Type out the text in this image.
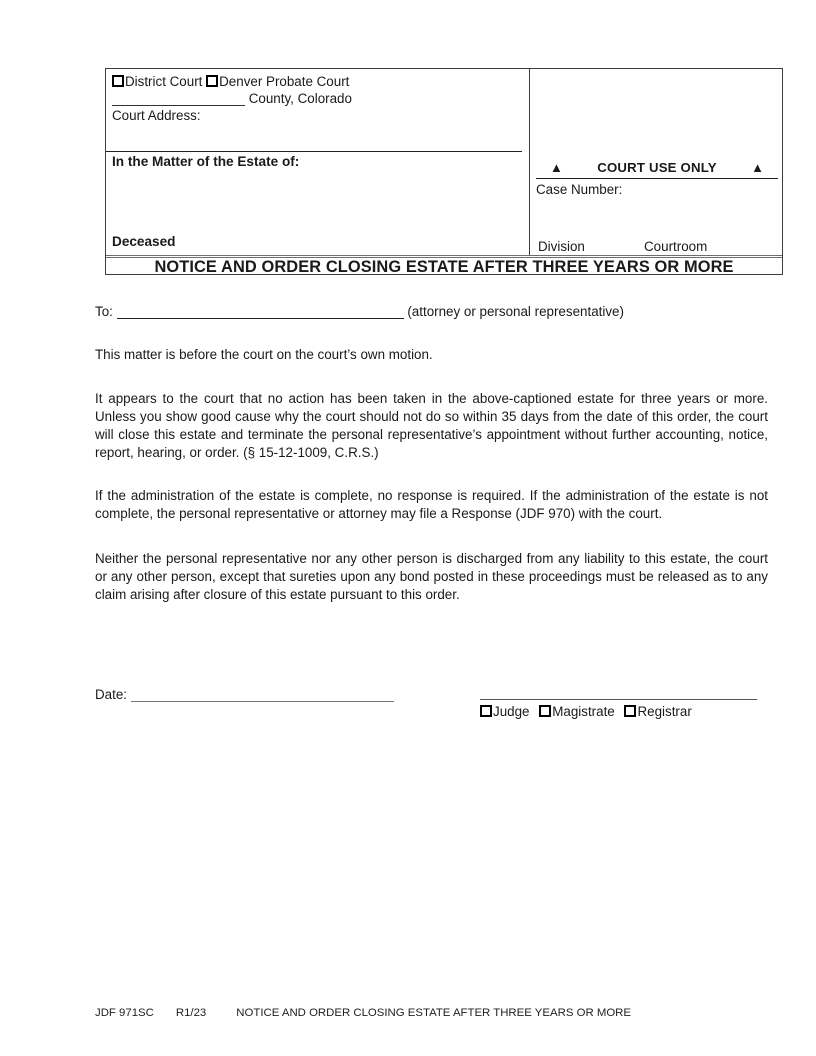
District Court Denver Probate Court
County, Colorado
Court Address:
In the Matter of the Estate of:
Deceased
▲	COURT USE ONLY	▲
Case Number:
Division	Courtroom
NOTICE AND ORDER CLOSING ESTATE AFTER THREE YEARS OR MORE
To:	(attorney or personal representative)
This matter is before the court on the court’s own motion.
It appears to the court that no action has been taken in the above-captioned estate for three years or more. Unless you show good cause why the court should not do so within 35 days from the date of this order, the court will close this estate and terminate the personal representative’s appointment without further accounting, notice, report, hearing, or order. (§ 15-12-1009, C.R.S.)
If the administration of the estate is complete, no response is required. If the administration of the estate is not complete, the personal representative or attorney may file a Response (JDF 970) with the court.
Neither the personal representative nor any other person is discharged from any liability to this estate, the court or any other person, except that sureties upon any bond posted in these proceedings must be released as to any claim arising after closure of this estate pursuant to this order.
Date:
Judge Magistrate Registrar
JDF 971SC R1/23	NOTICE AND ORDER CLOSING ESTATE AFTER THREE YEARS OR MORE
